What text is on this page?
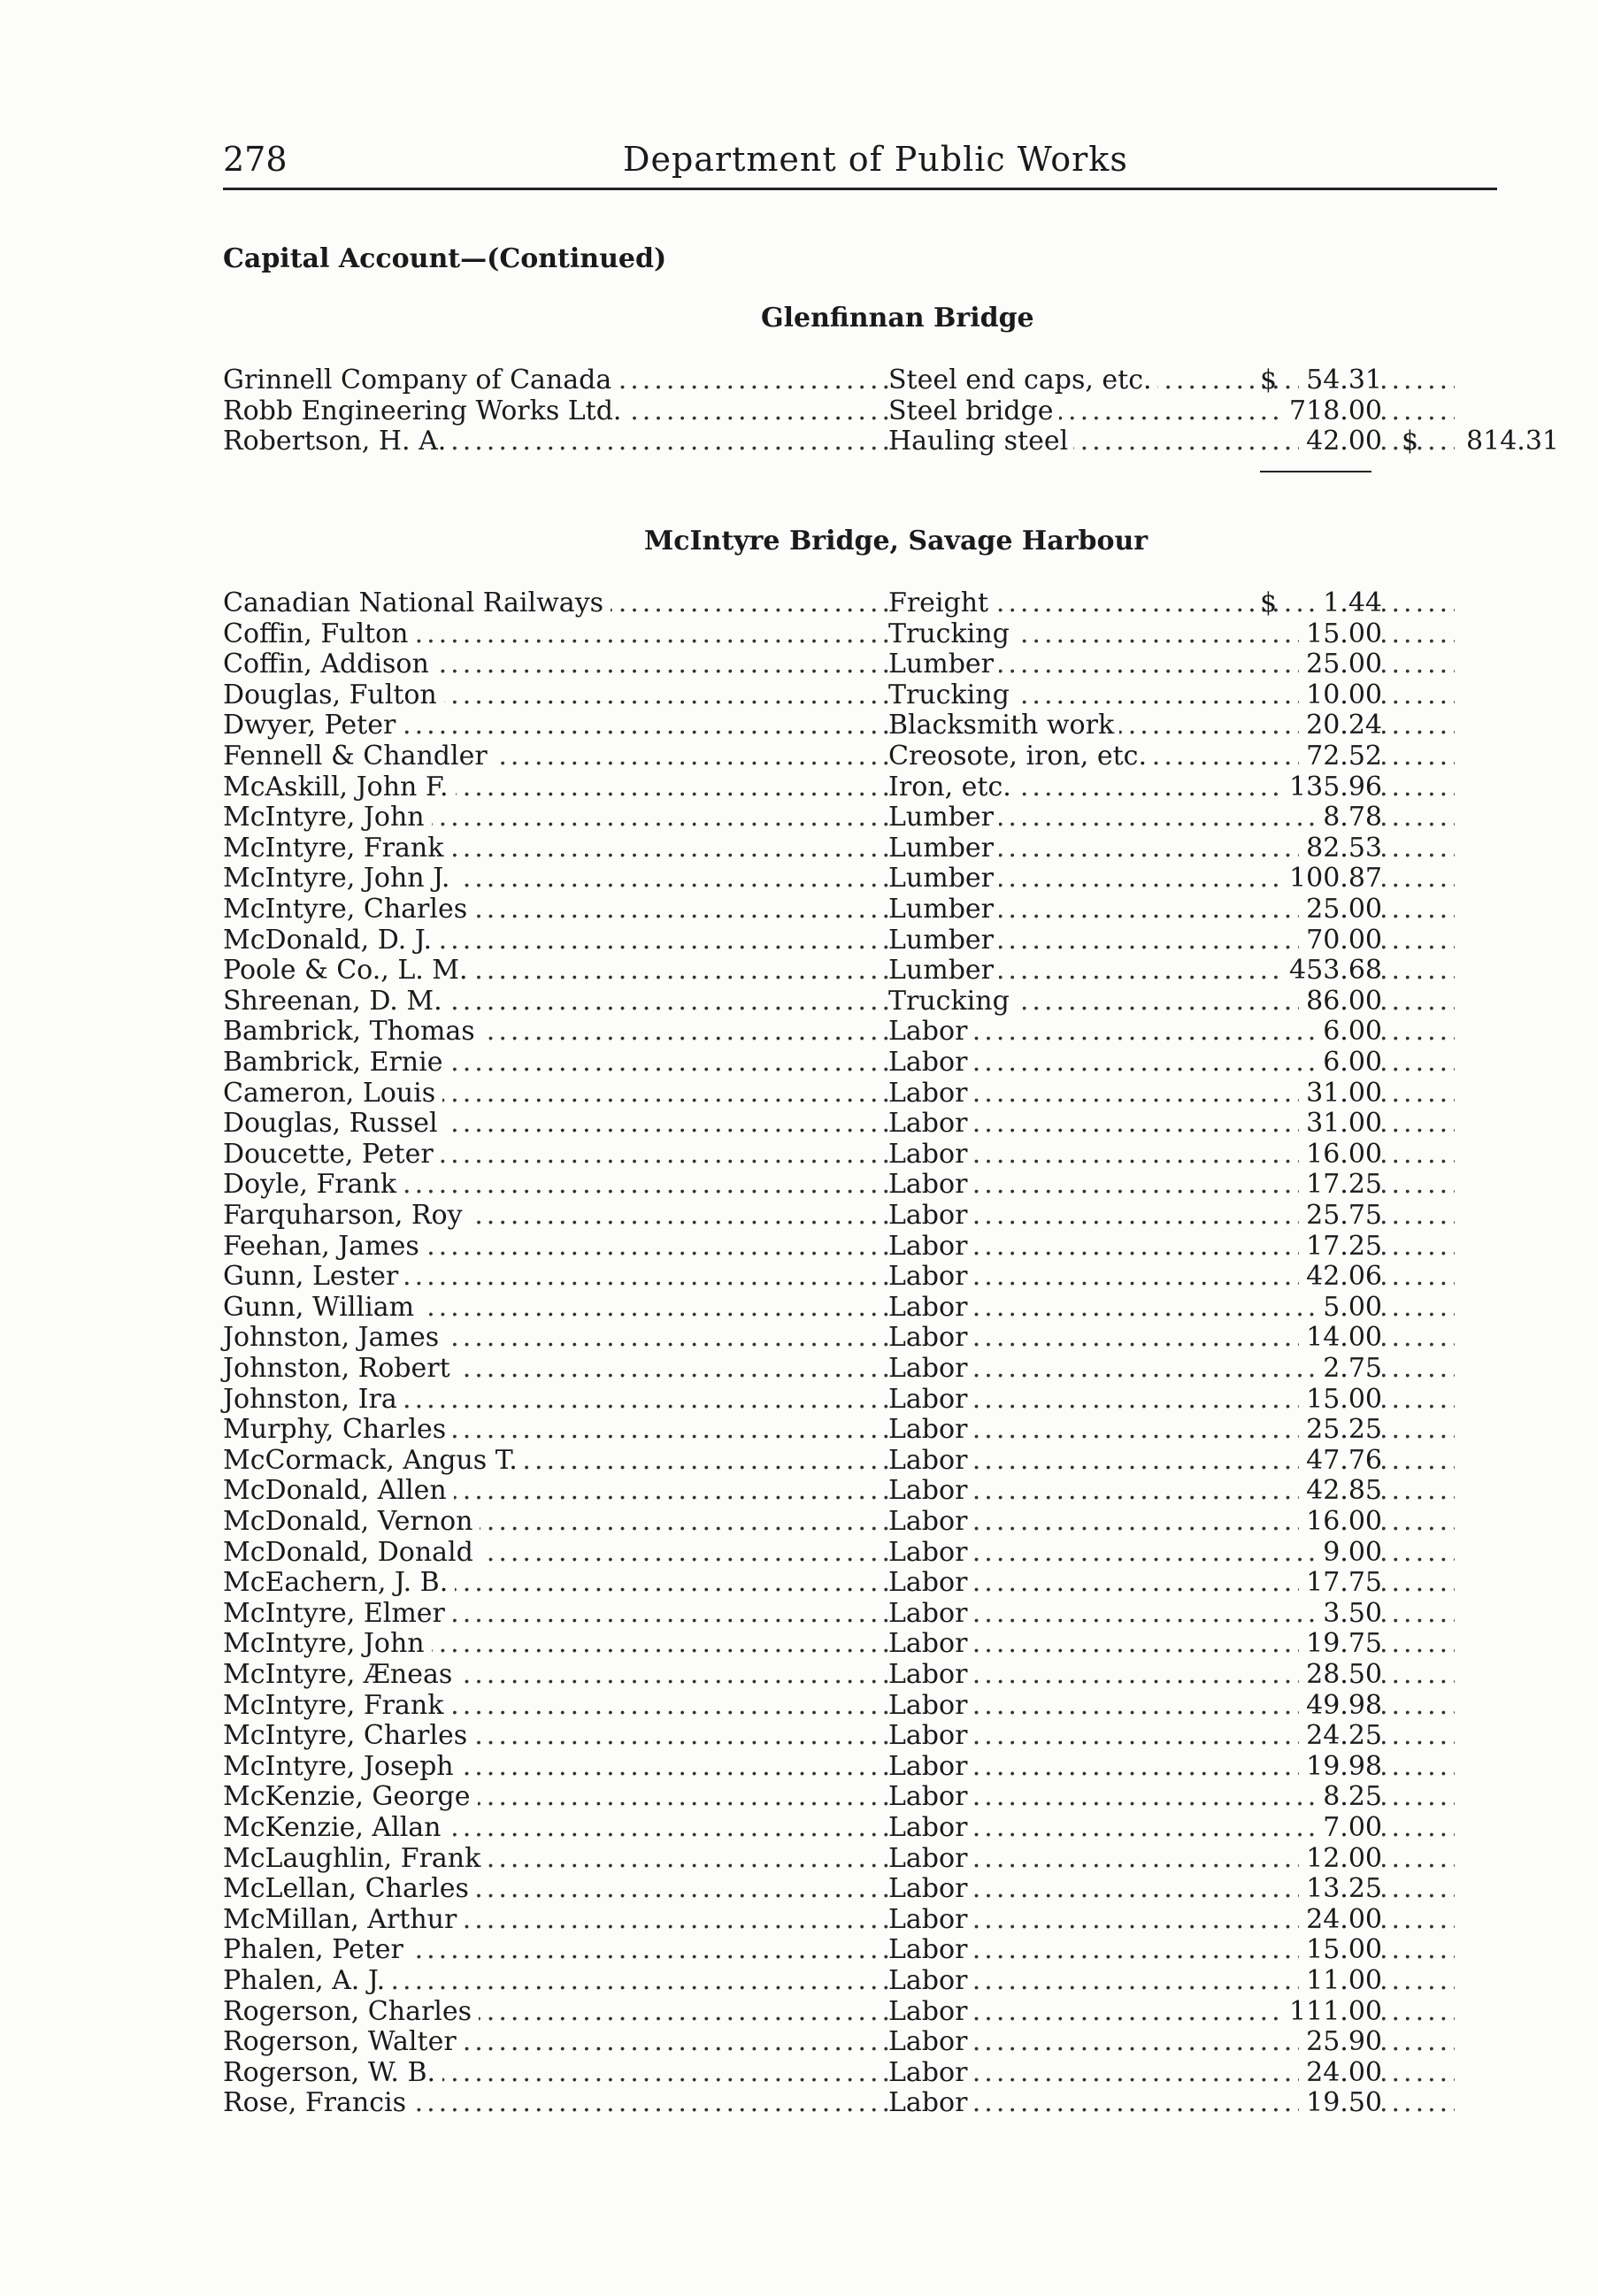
278	Department of Public Works
Capital Account—(Continued)
Glenfinnan Bridge
.....
.....
Grinnell Company of Canada	Steel end caps, etc.	54.31
$
.....
.....
Robb Engineering Works Ltd.	Steel bridge	718.00
.....
.....
Robertson, H. A.	Hauling steel	42.00 $ 814.31
McIntyre Bridge, Savage Harbour
.....
.....
Canadian National Railways	Freight	1.44
$
.....
.....
Coffin, Fulton	Trucking	15.00
.....
.....
Coffin, Addison	Lumber	25.00
.....
.....
Douglas, Fulton	Trucking	10.00
.....
.....
Dwyer, Peter	Blacksmith work	20.24
.....
.....
Fennell & Chandler	Creosote, iron, etc.	72.52
.....
.....
McAskill, John F.	Iron, etc.	135.96
.....
.....
McIntyre, John	Lumber	8.78
.....
.....
McIntyre, Frank	Lumber	82.53
.....
.....
McIntyre, John J.	Lumber	100.87
.....
.....
McIntyre, Charles	Lumber	25.00
.....
.....
McDonald, D. J.	Lumber	70.00
.....
.....
Poole & Co., L. M.	Lumber	453.68
.....
.....
Shreenan, D. M.	Trucking	86.00
.....
.....
Bambrick, Thomas	Labor	6.00
.....
.....
Bambrick, Ernie	Labor	6.00
.....
.....
Cameron, Louis	Labor	31.00
.....
.....
Douglas, Russel	Labor	31.00
.....
.....
Doucette, Peter	Labor	16.00
.....
.....
Doyle, Frank	Labor	17.25
.....
.....
Farquharson, Roy	Labor	25.75
.....
.....
Feehan, James	Labor	17.25
.....
.....
Gunn, Lester	Labor	42.06
.....
.....
Gunn, William	Labor	5.00
.....
.....
Johnston, James	Labor	14.00
.....
.....
Johnston, Robert	Labor	2.75
.....
.....
Johnston, Ira	Labor	15.00
.....
.....
Murphy, Charles	Labor	25.25
.....
.....
McCormack, Angus T.	Labor	47.76
.....
.....
McDonald, Allen	Labor	42.85
.....
.....
McDonald, Vernon	Labor	16.00
.....
.....
McDonald, Donald	Labor	9.00
.....
.....
McEachern, J. B.	Labor	17.75
.....
.....
McIntyre, Elmer	Labor	3.50
.....
.....
McIntyre, John	Labor	19.75
.....
.....
McIntyre, Æneas	Labor	28.50
.....
.....
McIntyre, Frank	Labor	49.98
.....
.....
McIntyre, Charles	Labor	24.25
.....
.....
McIntyre, Joseph	Labor	19.98
.....
.....
McKenzie, George	Labor	8.25
.....
.....
McKenzie, Allan	Labor	7.00
.....
.....
McLaughlin, Frank	Labor	12.00
.....
.....
McLellan, Charles	Labor	13.25
.....
.....
McMillan, Arthur	Labor	24.00
.....
.....
Phalen, Peter	Labor	15.00
.....
.....
Phalen, A. J.	Labor	11.00
.....
.....
Rogerson, Charles	Labor	111.00
.....
.....
Rogerson, Walter	Labor	25.90
.....
.....
Rogerson, W. B.	Labor	24.00
.....
.....
Rose, Francis	Labor	19.50
